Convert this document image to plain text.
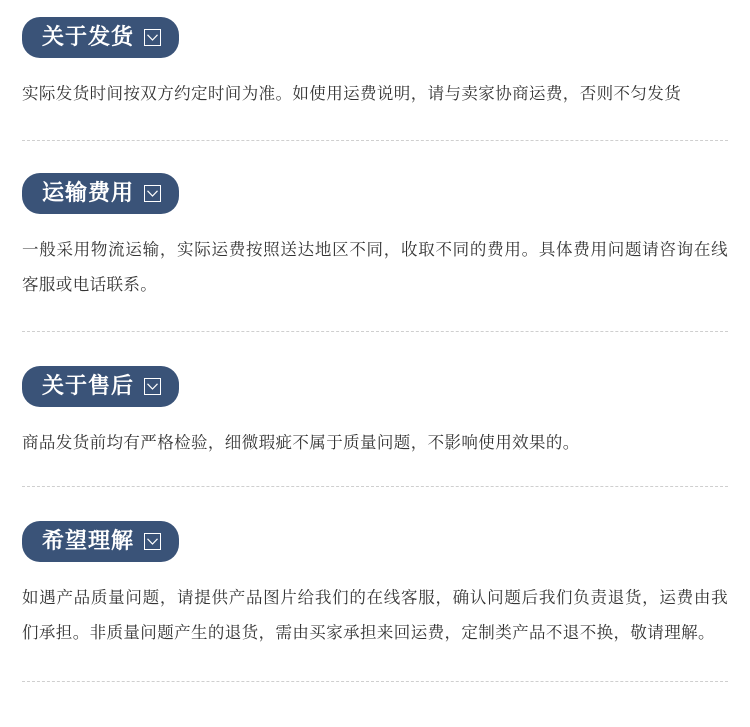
关于发货

实际发货时间按双方约定时间为准。如使用运费说明，请与卖家协商运费，否则不匀发货

运输费用

一般采用物流运输，实际运费按照送达地区不同，收取不同的费用。具体费用问题请咨询在线客服或电话联系。

关于售后

商品发货前均有严格检验，细微瑕疵不属于质量问题，不影响使用效果的。

希望理解

如遇产品质量问题，请提供产品图片给我们的在线客服，确认问题后我们负责退货，运费由我们承担。非质量问题产生的退货，需由买家承担来回运费，定制类产品不退不换，敬请理解。
